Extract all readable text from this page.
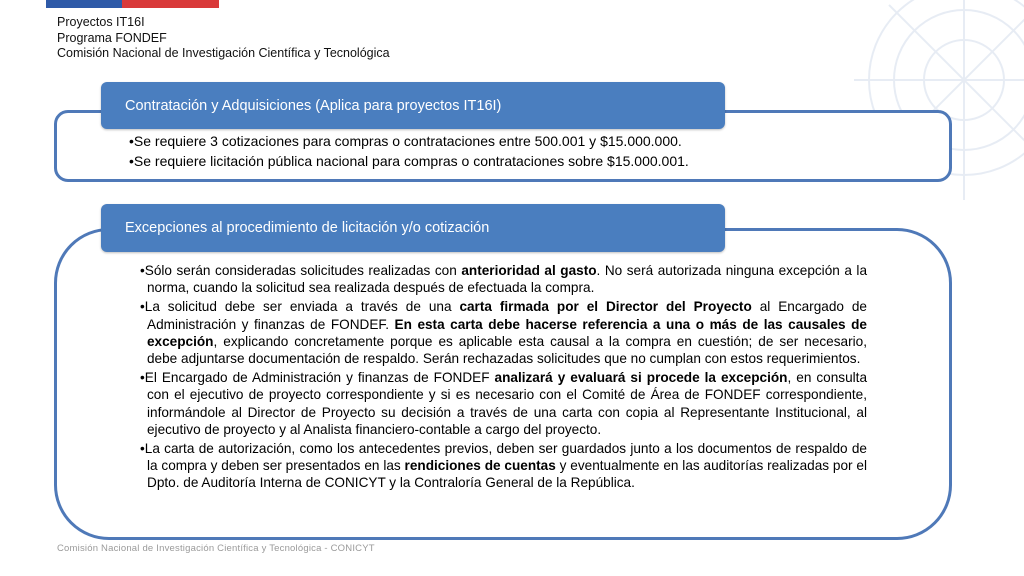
Proyectos IT16I
Programa FONDEF
Comisión Nacional de Investigación Científica y Tecnológica
Contratación y Adquisiciones (Aplica para proyectos IT16I)
•Se requiere 3 cotizaciones para compras o contrataciones entre 500.001 y $15.000.000.
•Se requiere licitación pública nacional para compras o contrataciones sobre $15.000.001.
Excepciones al procedimiento de licitación y/o cotización
•Sólo serán consideradas solicitudes realizadas con anterioridad al gasto. No será autorizada ninguna excepción a la norma, cuando la solicitud sea realizada después de efectuada la compra.
•La solicitud debe ser enviada a través de una carta firmada por el Director del Proyecto al Encargado de Administración y finanzas de FONDEF. En esta carta debe hacerse referencia a una o más de las causales de excepción, explicando concretamente porque es aplicable esta causal a la compra en cuestión; de ser necesario, debe adjuntarse documentación de respaldo. Serán rechazadas solicitudes que no cumplan con estos requerimientos.
•El Encargado de Administración y finanzas de FONDEF analizará y evaluará si procede la excepción, en consulta con el ejecutivo de proyecto correspondiente y si es necesario con el Comité de Área de FONDEF correspondiente, informándole al Director de Proyecto su decisión a través de una carta con copia al Representante Institucional, al ejecutivo de proyecto y al Analista financiero-contable a cargo del proyecto.
•La carta de autorización, como los antecedentes previos, deben ser guardados junto a los documentos de respaldo de la compra y deben ser presentados en las rendiciones de cuentas y eventualmente en las auditorías realizadas por el Dpto. de Auditoría Interna de CONICYT y la Contraloría General de la República.
Comisión Nacional de Investigación Científica y Tecnológica - CONICYT
